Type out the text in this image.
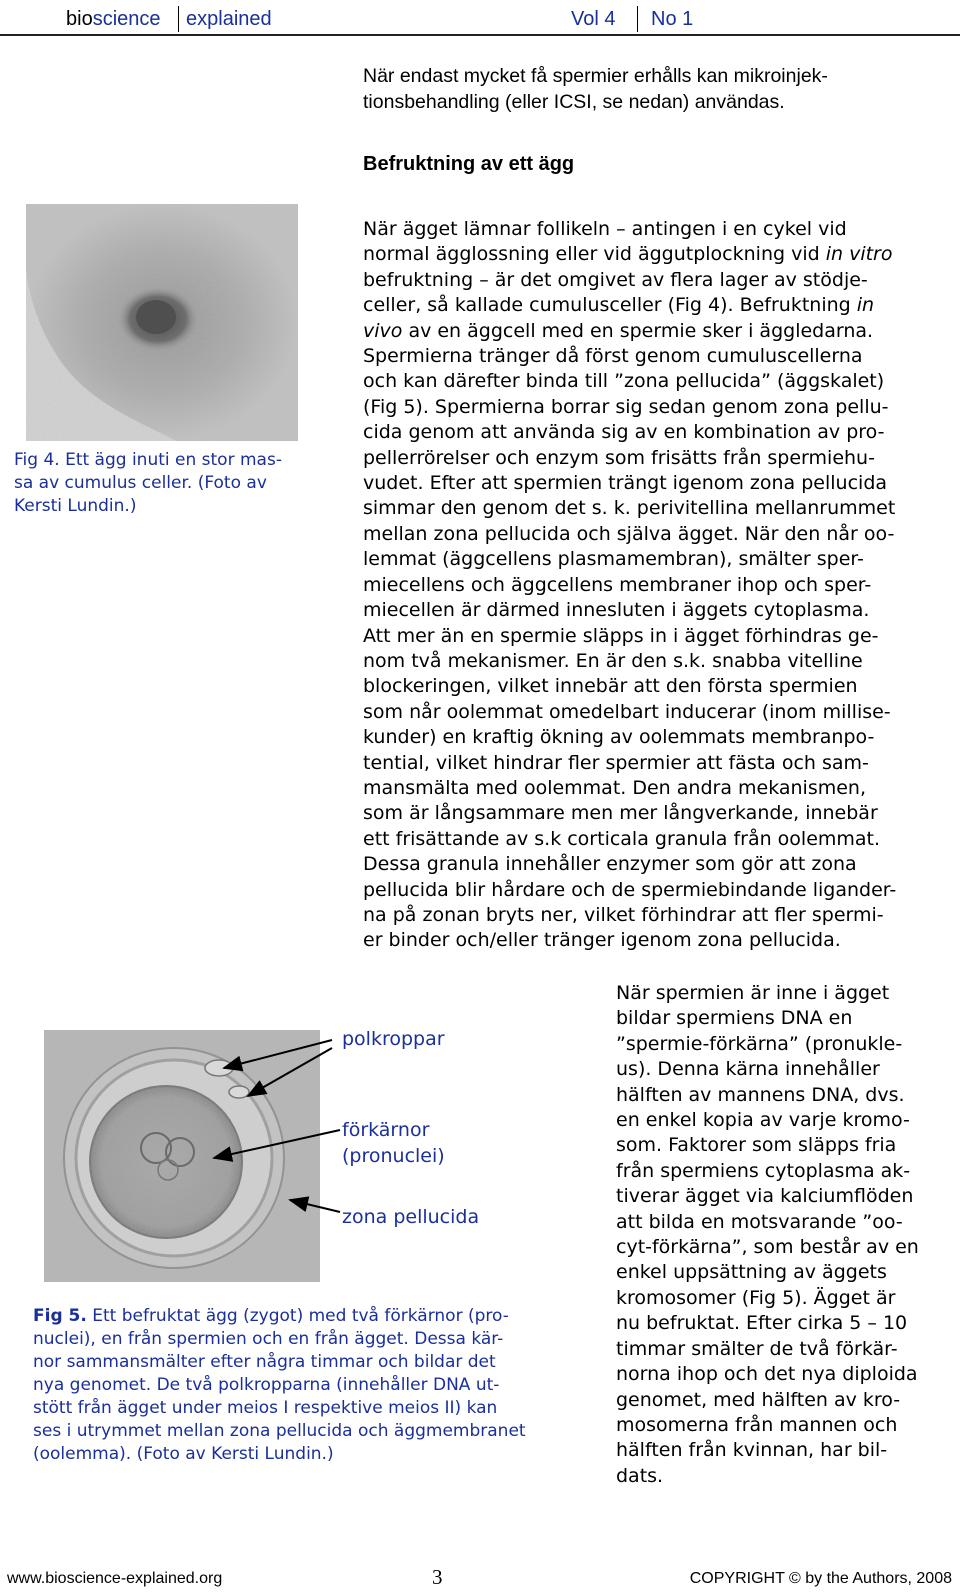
bioscience explained	Vol 4 No 1
När endast mycket få spermier erhålls kan mikroinjek-
tionsbehandling (eller ICSI, se nedan) användas.
Befruktning av ett ägg
Fig 4. Ett ägg inuti en stor mas-
sa av cumulus celler. (Foto av
Kersti Lundin.)
När ägget lämnar follikeln – antingen i en cykel vid
normal ägglossning eller vid äggutplockning vid in vitro
befruktning – är det omgivet av flera lager av stödje-
celler, så kallade cumulusceller (Fig 4). Befruktning in
vivo av en äggcell med en spermie sker i äggledarna.
Spermierna tränger då först genom cumuluscellerna
och kan därefter binda till ”zona pellucida” (äggskalet)
(Fig 5). Spermierna borrar sig sedan genom zona pellu-
cida genom att använda sig av en kombination av pro-
pellerrörelser och enzym som frisätts från spermiehu-
vudet. Efter att spermien trängt igenom zona pellucida
simmar den genom det s. k. perivitellina mellanrummet
mellan zona pellucida och själva ägget. När den når oo-
lemmat (äggcellens plasmamembran), smälter sper-
miecellens och äggcellens membraner ihop och sper-
miecellen är därmed innesluten i äggets cytoplasma.
Att mer än en spermie släpps in i ägget förhindras ge-
nom två mekanismer. En är den s.k. snabba vitelline
blockeringen, vilket innebär att den första spermien
som når oolemmat omedelbart inducerar (inom millise-
kunder) en kraftig ökning av oolemmats membranpo-
tential, vilket hindrar fler spermier att fästa och sam-
mansmälta med oolemmat. Den andra mekanismen,
som är långsammare men mer långverkande, innebär
ett frisättande av s.k corticala granula från oolemmat.
Dessa granula innehåller enzymer som gör att zona
pellucida blir hårdare och de spermiebindande ligander-
na på zonan bryts ner, vilket förhindrar att fler spermi-
er binder och/eller tränger igenom zona pellucida.
polkroppar
förkärnor
(pronuclei)
zona pellucida
Fig 5. Ett befruktat ägg (zygot) med två förkärnor (pro-
nuclei), en från spermien och en från ägget. Dessa kär-
nor sammansmälter efter några timmar och bildar det
nya genomet. De två polkropparna (innehåller DNA ut-
stött från ägget under meios I respektive meios II) kan
ses i utrymmet mellan zona pellucida och äggmembranet
(oolemma). (Foto av Kersti Lundin.)
När spermien är inne i ägget
bildar spermiens DNA en
”spermie-förkärna” (pronukle-
us). Denna kärna innehåller
hälften av mannens DNA, dvs.
en enkel kopia av varje kromo-
som. Faktorer som släpps fria
från spermiens cytoplasma ak-
tiverar ägget via kalciumflöden
att bilda en motsvarande ”oo-
cyt-förkärna”, som består av en
enkel uppsättning av äggets
kromosomer (Fig 5). Ägget är
nu befruktat. Efter cirka 5 – 10
timmar smälter de två förkär-
norna ihop och det nya diploida
genomet, med hälften av kro-
mosomerna från mannen och
hälften från kvinnan, har bil-
dats.
www.bioscience-explained.org	3	COPYRIGHT © by the Authors, 2008
